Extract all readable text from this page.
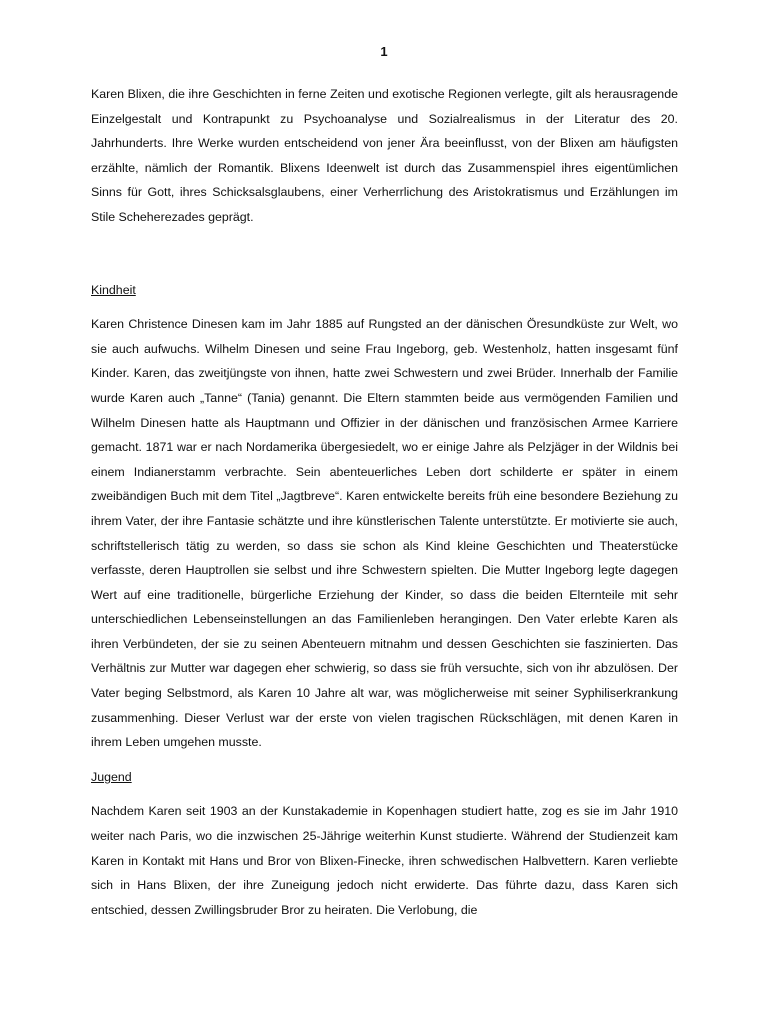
1

Karen Blixen, die ihre Geschichten in ferne Zeiten und exotische Regionen verlegte, gilt als herausragende Einzelgestalt und Kontrapunkt zu Psychoanalyse und Sozialrealismus in der Literatur des 20. Jahrhunderts. Ihre Werke wurden entscheidend von jener Ära beeinflusst, von der Blixen am häufigsten erzählte, nämlich der Romantik. Blixens Ideenwelt ist durch das Zusammenspiel ihres eigentümlichen Sinns für Gott, ihres Schicksalsglaubens, einer Verherrlichung des Aristokratismus und Erzählungen im Stile Scheherezades geprägt.

Kindheit

Karen Christence Dinesen kam im Jahr 1885 auf Rungsted an der dänischen Öresundküste zur Welt, wo sie auch aufwuchs. Wilhelm Dinesen und seine Frau Ingeborg, geb. Westenholz, hatten insgesamt fünf Kinder. Karen, das zweitjüngste von ihnen, hatte zwei Schwestern und zwei Brüder. Innerhalb der Familie wurde Karen auch „Tanne“ (Tania) genannt. Die Eltern stammten beide aus vermögenden Familien und Wilhelm Dinesen hatte als Hauptmann und Offizier in der dänischen und französischen Armee Karriere gemacht. 1871 war er nach Nordamerika übergesiedelt, wo er einige Jahre als Pelzjäger in der Wildnis bei einem Indianerstamm verbrachte. Sein abenteuerliches Leben dort schilderte er später in einem zweibändigen Buch mit dem Titel „Jagtbreve“. Karen entwickelte bereits früh eine besondere Beziehung zu ihrem Vater, der ihre Fantasie schätzte und ihre künstlerischen Talente unterstützte. Er motivierte sie auch, schriftstellerisch tätig zu werden, so dass sie schon als Kind kleine Geschichten und Theaterstücke verfasste, deren Hauptrollen sie selbst und ihre Schwestern spielten. Die Mutter Ingeborg legte dagegen Wert auf eine traditionelle, bürgerliche Erziehung der Kinder, so dass die beiden Elternteile mit sehr unterschiedlichen Lebenseinstellungen an das Familienleben herangingen. Den Vater erlebte Karen als ihren Verbündeten, der sie zu seinen Abenteuern mitnahm und dessen Geschichten sie faszinierten. Das Verhältnis zur Mutter war dagegen eher schwierig, so dass sie früh versuchte, sich von ihr abzulösen. Der Vater beging Selbstmord, als Karen 10 Jahre alt war, was möglicherweise mit seiner Syphiliserkrankung zusammenhing. Dieser Verlust war der erste von vielen tragischen Rückschlägen, mit denen Karen in ihrem Leben umgehen musste.

Jugend

Nachdem Karen seit 1903 an der Kunstakademie in Kopenhagen studiert hatte, zog es sie im Jahr 1910 weiter nach Paris, wo die inzwischen 25-Jährige weiterhin Kunst studierte. Während der Studienzeit kam Karen in Kontakt mit Hans und Bror von Blixen-Finecke, ihren schwedischen Halbvettern. Karen verliebte sich in Hans Blixen, der ihre Zuneigung jedoch nicht erwiderte. Das führte dazu, dass Karen sich entschied, dessen Zwillingsbruder Bror zu heiraten. Die Verlobung, die
